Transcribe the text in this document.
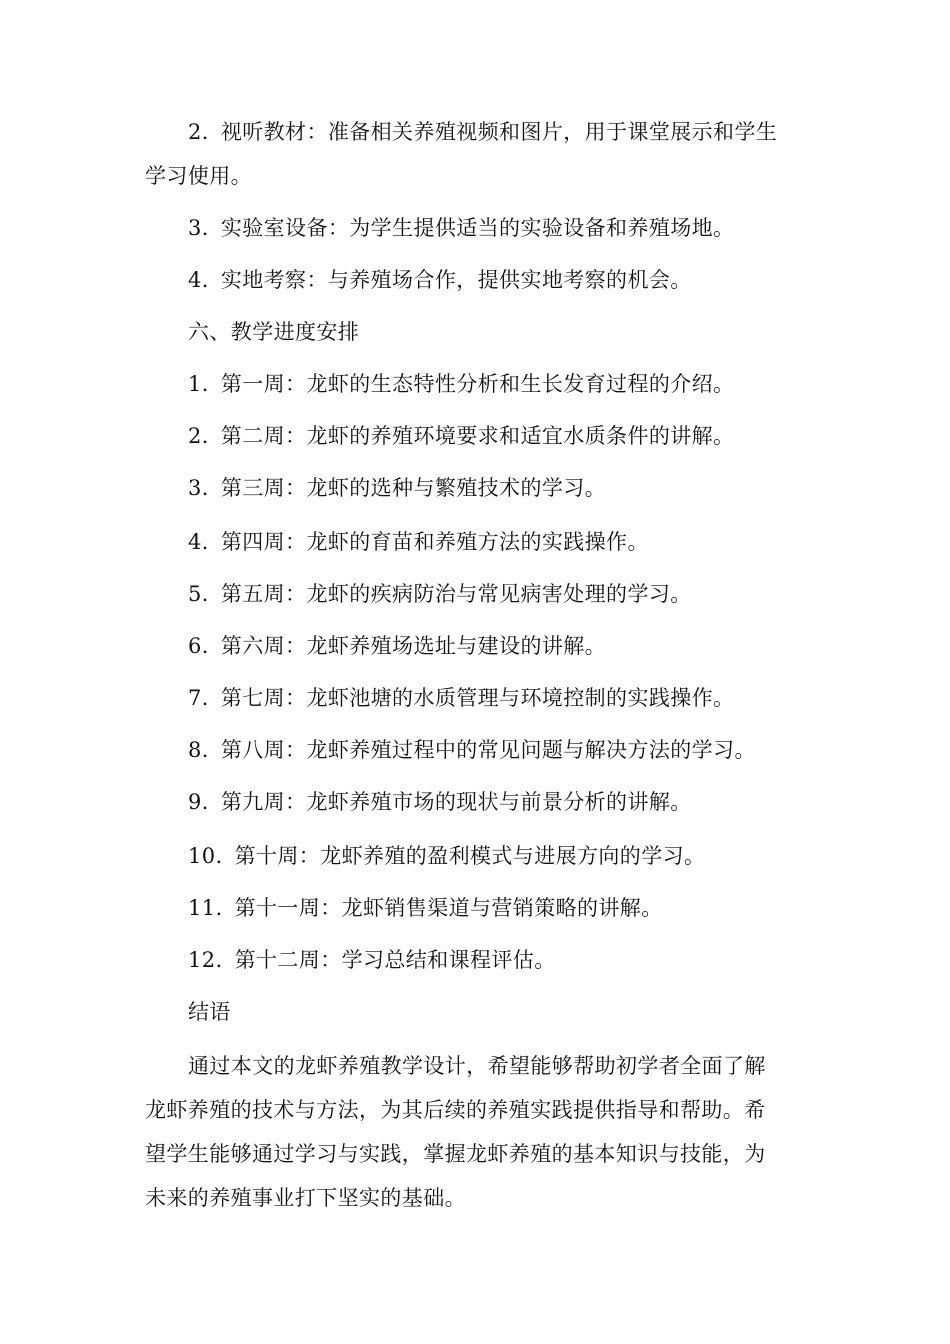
2. 视听教材：准备相关养殖视频和图片，用于课堂展示和学生
学习使用。
3. 实验室设备：为学生提供适当的实验设备和养殖场地。
4. 实地考察：与养殖场合作，提供实地考察的机会。
六、教学进度安排
1. 第一周：龙虾的生态特性分析和生长发育过程的介绍。
2. 第二周：龙虾的养殖环境要求和适宜水质条件的讲解。
3. 第三周：龙虾的选种与繁殖技术的学习。
4. 第四周：龙虾的育苗和养殖方法的实践操作。
5. 第五周：龙虾的疾病防治与常见病害处理的学习。
6. 第六周：龙虾养殖场选址与建设的讲解。
7. 第七周：龙虾池塘的水质管理与环境控制的实践操作。
8. 第八周：龙虾养殖过程中的常见问题与解决方法的学习。
9. 第九周：龙虾养殖市场的现状与前景分析的讲解。
10. 第十周：龙虾养殖的盈利模式与进展方向的学习。
11. 第十一周：龙虾销售渠道与营销策略的讲解。
12. 第十二周：学习总结和课程评估。
结语
通过本文的龙虾养殖教学设计，希望能够帮助初学者全面了解
龙虾养殖的技术与方法，为其后续的养殖实践提供指导和帮助。希
望学生能够通过学习与实践，掌握龙虾养殖的基本知识与技能，为
未来的养殖事业打下坚实的基础。
